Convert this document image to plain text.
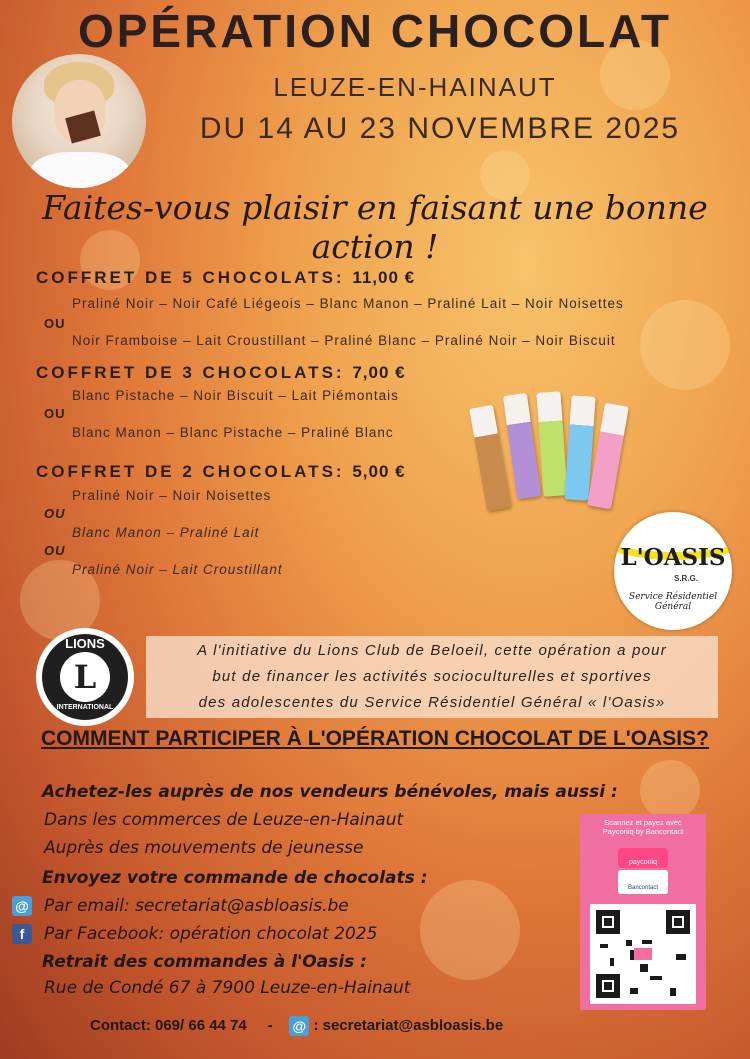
OPÉRATION CHOCOLAT
LEUZE-EN-HAINAUT
DU 14 AU 23 NOVEMBRE 2025
Faites-vous plaisir en faisant une bonne action !
COFFRET DE 5 CHOCOLATS: 11,00 €
Praliné Noir – Noir Café Liégeois – Blanc Manon – Praliné Lait – Noir Noisettes
OU
Noir Framboise – Lait Croustillant – Praliné Blanc – Praliné Noir – Noir Biscuit
COFFRET DE 3 CHOCOLATS: 7,00 €
Blanc Pistache – Noir Biscuit – Lait Piémontais
OU
Blanc Manon – Blanc Pistache – Praliné Blanc
COFFRET DE 2 CHOCOLATS: 5,00 €
Praliné Noir – Noir Noisettes
OU
Blanc Manon – Praliné Lait
OU
Praliné Noir – Lait Croustillant	L'OASIS
S.R.G.
Service Résidentiel
Général
LIONS
L
INTERNATIONAL
A l'initiative du Lions Club de Beloeil, cette opération a pour
but de financer les activités socioculturelles et sportives
des adolescentes du Service Résidentiel Général « l'Oasis»
COMMENT PARTICIPER À L'OPÉRATION CHOCOLAT DE L'OASIS?
Achetez-les auprès de nos vendeurs bénévoles, mais aussi :
Dans les commerces de Leuze-en-Hainaut
Auprès des mouvements de jeunesse
Envoyez votre commande de chocolats :
@ Par email: secretariat@asbloasis.be
f	Par Facebook: opération chocolat 2025
Retrait des commandes à l'Oasis :
Rue de Condé 67 à 7900 Leuze-en-Hainaut
Scannez et payez avec
Payconiq by Bancontact
payconiq
Bancontact
Contact: 069/ 66 44 74 - @ : secretariat@asbloasis.be
